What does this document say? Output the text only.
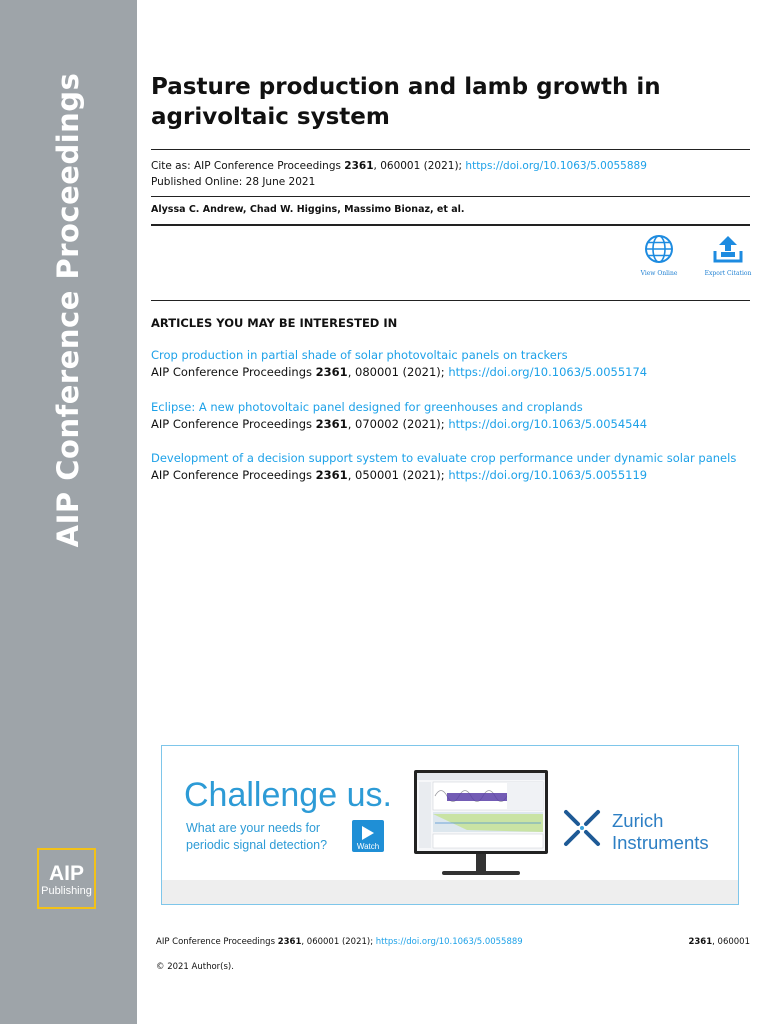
AIP Conference Proceedings
AIP
Publishing
Pasture production and lamb growth in agrivoltaic system
Cite as: AIP Conference Proceedings 2361, 060001 (2021); https://doi.org/10.1063/5.0055889
Published Online: 28 June 2021
Alyssa C. Andrew, Chad W. Higgins, Massimo Bionaz, et al.
View Online	Export Citation
ARTICLES YOU MAY BE INTERESTED IN
Crop production in partial shade of solar photovoltaic panels on trackers
AIP Conference Proceedings 2361, 080001 (2021); https://doi.org/10.1063/5.0055174
Eclipse: A new photovoltaic panel designed for greenhouses and croplands
AIP Conference Proceedings 2361, 070002 (2021); https://doi.org/10.1063/5.0054544
Development of a decision support system to evaluate crop performance under dynamic solar panels
AIP Conference Proceedings 2361, 050001 (2021); https://doi.org/10.1063/5.0055119
Challenge us.
What are your needs for periodic signal detection?	Watch
Zurich
Instruments
AIP Conference Proceedings 2361, 060001 (2021); https://doi.org/10.1063/5.0055889	2361, 060001
© 2021 Author(s).
